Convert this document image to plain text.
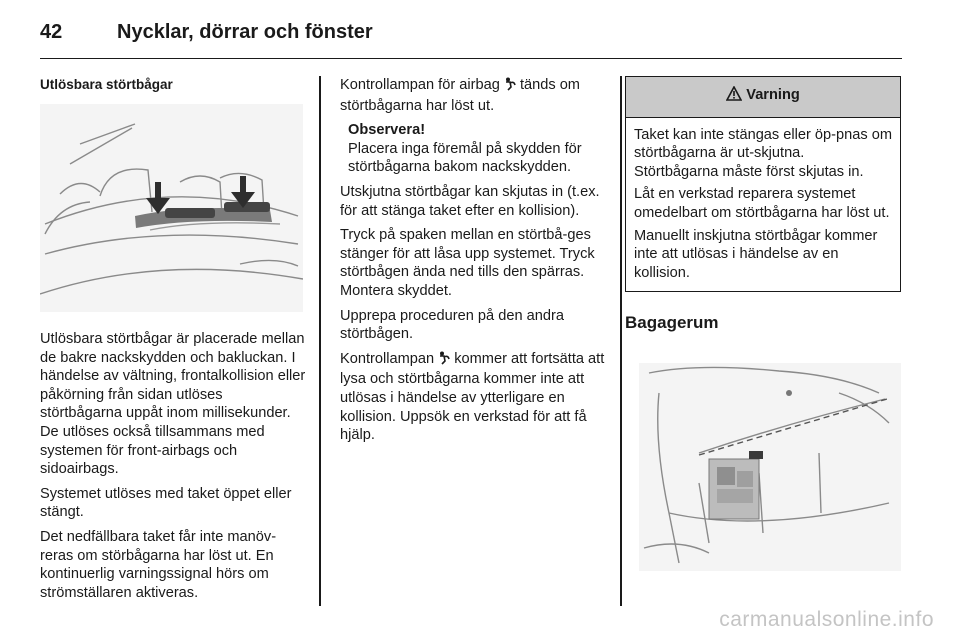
42	Nycklar, dörrar och fönster

Utlösbara störtbågar

Utlösbara störtbågar är placerade mellan de bakre nackskydden och bakluckan. I händelse av vältning, frontalkollision eller påkörning från sidan utlöses störtbågarna uppåt inom millisekunder. De utlöses också tillsammans med systemen för front-airbags och sidoairbags.

Systemet utlöses med taket öppet eller stängt.

Det nedfällbara taket får inte manöv-reras om störbågarna har löst ut. En kontinuerlig varningssignal hörs om strömställaren aktiveras.

Kontrollampan för airbag tänds om störtbågarna har löst ut.

Observera!
Placera inga föremål på skydden för störtbågarna bakom nackskydden.

Utskjutna störtbågar kan skjutas in (t.ex. för att stänga taket efter en kollision).

Tryck på spaken mellan en störtbå-ges stänger för att låsa upp systemet. Tryck störtbågen ända ned tills den spärras. Montera skyddet.

Upprepa proceduren på den andra störtbågen.

Kontrollampan kommer att fortsätta att lysa och störtbågarna kommer inte att utlösas i händelse av ytterligare en kollision. Uppsök en verkstad för att få hjälp.

Varning

Taket kan inte stängas eller öp-pnas om störtbågarna är ut-skjutna. Störtbågarna måste först skjutas in.

Låt en verkstad reparera systemet omedelbart om störtbågarna har löst ut.

Manuellt inskjutna störtbågar kommer inte att utlösas i händelse av en kollision.

Bagagerum
carmanualsonline.info
